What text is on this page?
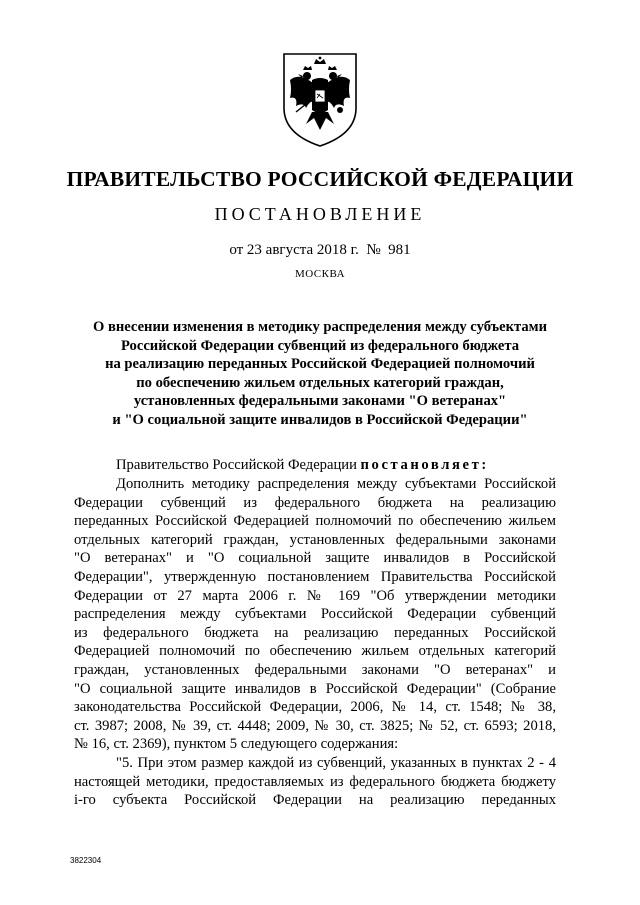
ПРАВИТЕЛЬСТВО РОССИЙСКОЙ ФЕДЕРАЦИИ
ПОСТАНОВЛЕНИЕ
от 23 августа 2018 г.  №  981
МОСКВА
О внесении изменения в методику распределения между субъектами
Российской Федерации субвенций из федерального бюджета
на реализацию переданных Российской Федерацией полномочий
по обеспечению жильем отдельных категорий граждан,
установленных федеральными законами "О ветеранах"
и "О социальной защите инвалидов в Российской Федерации"
Правительство Российской Федерации постановляет:
Дополнить методику распределения между субъектами Российской
Федерации субвенций из федерального бюджета на реализацию
переданных Российской Федерацией полномочий по обеспечению жильем
отдельных категорий граждан, установленных федеральными законами
"О ветеранах" и "О социальной защите инвалидов в Российской
Федерации", утвержденную постановлением Правительства Российской
Федерации от 27 марта 2006 г. № 169 "Об утверждении методики
распределения между субъектами Российской Федерации субвенций
из федерального бюджета на реализацию переданных Российской
Федерацией полномочий по обеспечению жильем отдельных категорий
граждан, установленных федеральными законами "О ветеранах" и
"О социальной защите инвалидов в Российской Федерации" (Собрание
законодательства Российской Федерации, 2006, № 14, ст. 1548; № 38,
ст. 3987; 2008, № 39, ст. 4448; 2009, № 30, ст. 3825; № 52, ст. 6593; 2018,
№ 16, ст. 2369), пунктом 5 следующего содержания:
"5. При этом размер каждой из субвенций, указанных в пунктах 2 - 4
настоящей методики, предоставляемых из федерального бюджета бюджету
i-го субъекта Российской Федерации на реализацию переданных
3822304
